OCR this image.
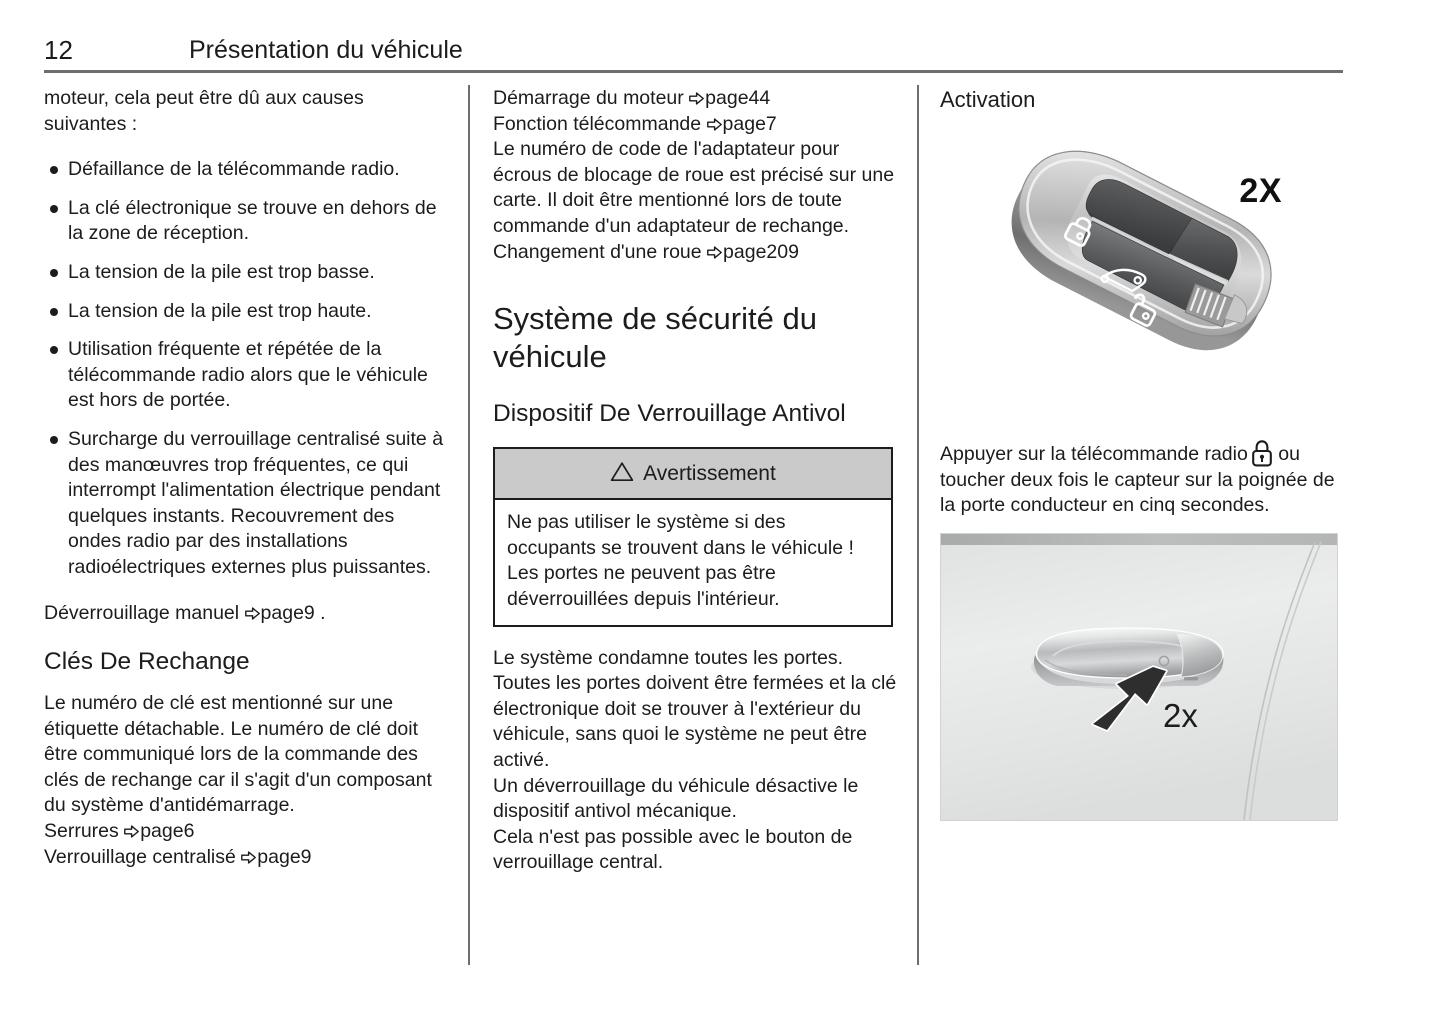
12	Présentation du véhicule

moteur, cela peut être dû aux causes suivantes :

Défaillance de la télécommande radio.
La clé électronique se trouve en dehors de la zone de réception.
La tension de la pile est trop basse.
La tension de la pile est trop haute.
Utilisation fréquente et répétée de la télécommande radio alors que le véhicule est hors de portée.
Surcharge du verrouillage centralisé suite à des manœuvres trop fréquentes, ce qui interrompt l'alimentation électrique pendant quelques instants. Recouvrement des ondes radio par des installations radioélectriques externes plus puissantes.

Déverrouillage manuel page9 .

Clés De Rechange

Le numéro de clé est mentionné sur une étiquette détachable. Le numéro de clé doit être communiqué lors de la commande des clés de rechange car il s'agit d'un composant du système d'antidémarrage.

Serrures page6

Verrouillage centralisé page9

Démarrage du moteur page44

Fonction télécommande page7

Le numéro de code de l'adaptateur pour écrous de blocage de roue est précisé sur une carte. Il doit être mentionné lors de toute commande d'un adaptateur de rechange.

Changement d'une roue page209

Système de sécurité du véhicule
Dispositif De Verrouillage Antivol
Avertissement

Ne pas utiliser le système si des occupants se trouvent dans le véhicule ! Les portes ne peuvent pas être déverrouillées depuis l'intérieur.

Le système condamne toutes les portes. Toutes les portes doivent être fermées et la clé électronique doit se trouver à l'extérieur du véhicule, sans quoi le système ne peut être activé.

Un déverrouillage du véhicule désactive le dispositif antivol mécanique.

Cela n'est pas possible avec le bouton de verrouillage central.

Activation
2X

Appuyer sur la télécommande radio ou toucher deux fois le capteur sur la poignée de la porte conducteur en cinq secondes.

2x
